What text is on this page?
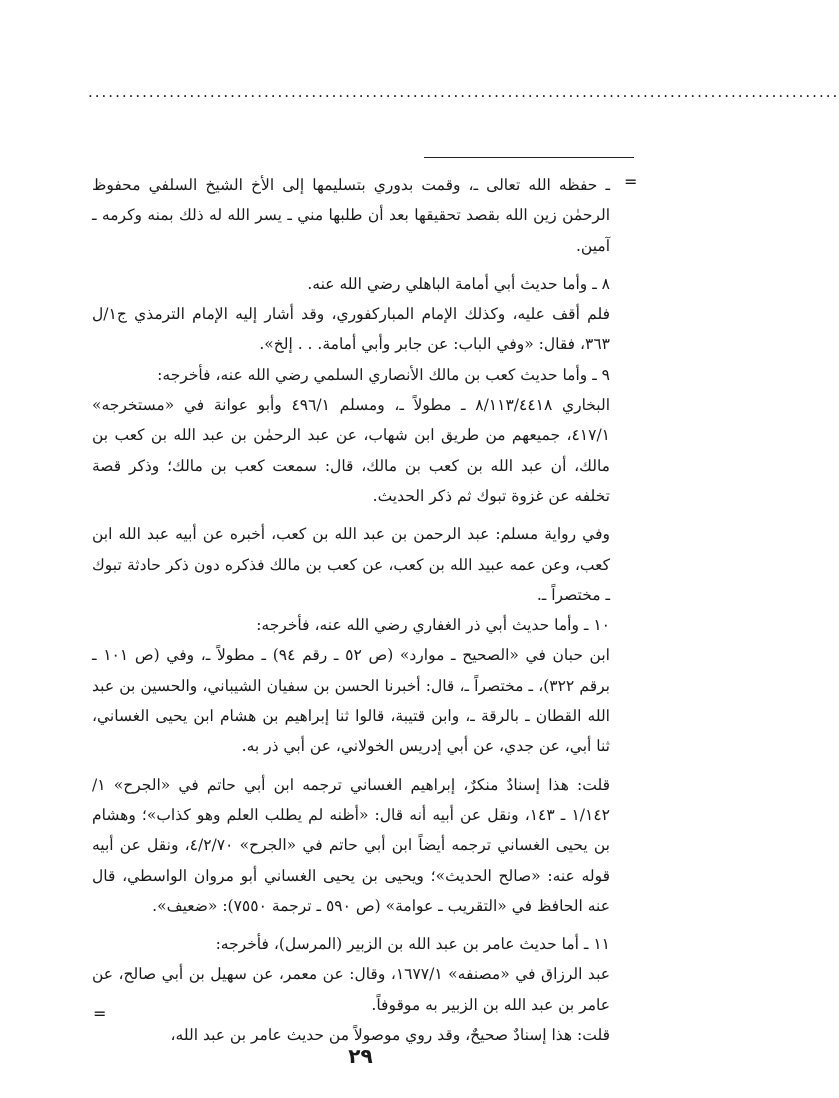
...............................................................................................................
=

ـ حفظه الله تعالى ـ، وقمت بدوري بتسليمها إلى الأخ الشيخ السلفي محفوظ الرحمٰن زين الله بقصد تحقيقها بعد أن طلبها مني ـ يسر الله له ذلك بمنه وكرمه ـ آمين.

٨ ـ وأما حديث أبي أمامة الباهلي رضي الله عنه.

فلم أقف عليه، وكذلك الإمام المباركفوري، وقد أشار إليه الإمام الترمذي ج١/ل ٣٦٣، فقال: «وفي الباب: عن جابر وأبي أمامة. . . إلخ».

٩ ـ وأما حديث كعب بن مالك الأنصاري السلمي رضي الله عنه، فأخرجه:

البخاري ٨/١١٣/٤٤١٨ ـ مطولاً ـ، ومسلم ٤٩٦/١ وأبو عوانة في «مستخرجه» ٤١٧/١، جميعهم من طريق ابن شهاب، عن عبد الرحمٰن بن عبد الله بن كعب بن مالك، أن عبد الله بن كعب بن مالك، قال: سمعت كعب بن مالك؛ وذكر قصة تخلفه عن غزوة تبوك ثم ذكر الحديث.

وفي رواية مسلم: عبد الرحمن بن عبد الله بن كعب، أخبره عن أبيه عبد الله ابن كعب، وعن عمه عبيد الله بن كعب، عن كعب بن مالك فذكره دون ذكر حادثة تبوك ـ مختصراً ـ.

١٠ ـ وأما حديث أبي ذر الغفاري رضي الله عنه، فأخرجه:

ابن حبان في «الصحيح ـ موارد» (ص ٥٢ ـ رقم ٩٤) ـ مطولاً ـ، وفي (ص ١٠١ ـ برقم ٣٢٢)، ـ مختصراً ـ، قال: أخبرنا الحسن بن سفيان الشيباني، والحسين بن عبد الله القطان ـ بالرقة ـ، وابن قتيبة، قالوا ثنا إبراهيم بن هشام ابن يحيى الغساني، ثنا أبي، عن جدي، عن أبي إدريس الخولاني، عن أبي ذر به.

قلت: هذا إسنادٌ منكرٌ، إبراهيم الغساني ترجمه ابن أبي حاتم في «الجرح» ١/ ١/١٤٢ ـ ١٤٣، ونقل عن أبيه أنه قال: «أظنه لم يطلب العلم وهو كذاب»؛ وهشام بن يحيى الغساني ترجمه أيضاً ابن أبي حاتم في «الجرح» ٤/٢/٧٠، ونقل عن أبيه قوله عنه: «صالح الحديث»؛ ويحيى بن يحيى الغساني أبو مروان الواسطي، قال عنه الحافظ في «التقريب ـ عوامة» (ص ٥٩٠ ـ ترجمة ٧٥٥٠): «ضعيف».

١١ ـ أما حديث عامر بن عبد الله بن الزبير (المرسل)، فأخرجه:

عبد الرزاق في «مصنفه» ١٦٧٧/١، وقال: عن معمر، عن سهيل بن أبي صالح، عن عامر بن عبد الله بن الزبير به موقوفاً.

قلت: هذا إسنادٌ صحيحٌ، وقد روي موصولاً من حديث عامر بن عبد الله،

=
٢٩
